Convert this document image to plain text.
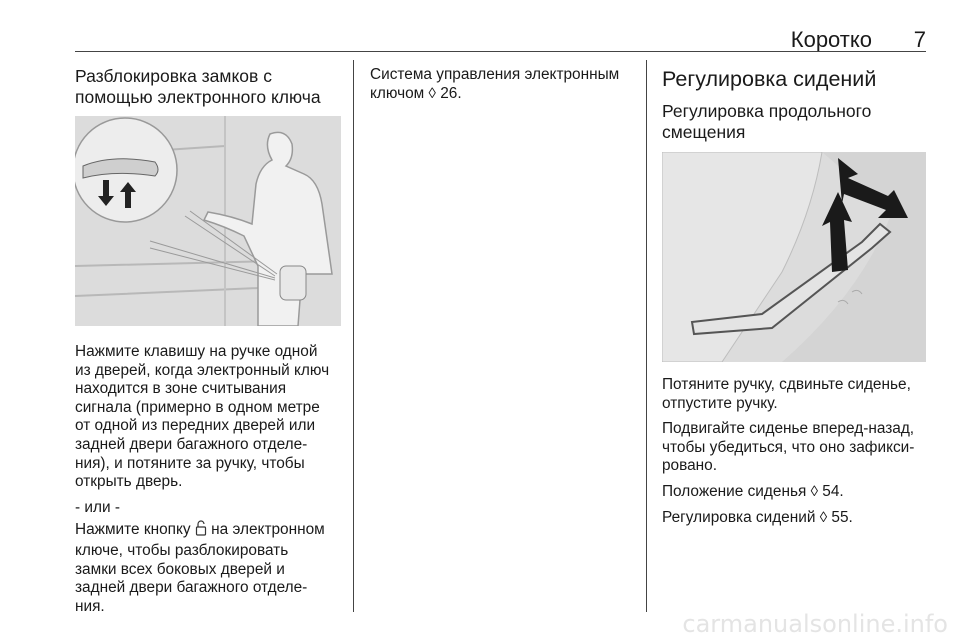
Коротко 7
Разблокировка замков с
помощью электронного ключа
Нажмите клавишу на ручке одной
из дверей, когда электронный ключ
находится в зоне считывания
сигнала (примерно в одном метре
от одной из передних дверей или
задней двери багажного отделе-
ния), и потяните за ручку, чтобы
открыть дверь.
- или -
Нажмите кнопку на электронном
ключе, чтобы разблокировать
замки всех боковых дверей и
задней двери багажного отделе-
ния.
Система управления электронным
ключом ◊ 26.
Регулировка сидений
Регулировка продольного
смещения
Потяните ручку, сдвиньте сиденье,
отпустите ручку.
Подвигайте сиденье вперед-назад,
чтобы убедиться, что оно зафикси-
ровано.
Положение сиденья ◊ 54.
Регулировка сидений ◊ 55.
carmanualsonline.info
